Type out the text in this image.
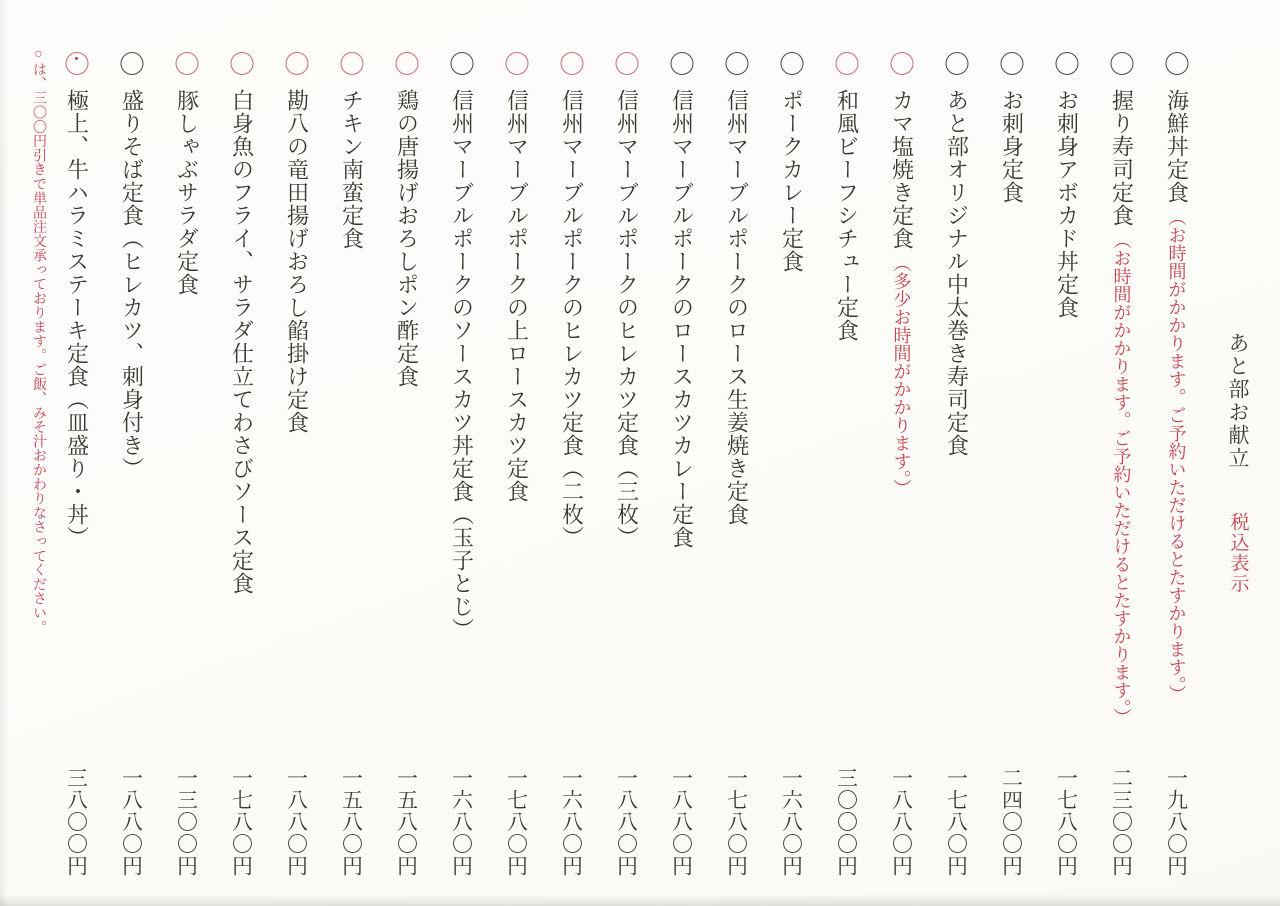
あと部お献立
税込表示
海鮮丼定食 （お時間がかかります。ご予約いただけるとたすかります。）
一九八〇円
握り寿司定食 （お時間がかかります。ご予約いただけるとたすかります。）
二三〇〇円
お刺身アボカド丼定食
一七八〇円
お刺身定食
二四〇〇円
あと部オリジナル中太巻き寿司定食
一七八〇円
カマ塩焼き定食 （多少お時間がかかります。）
一八八〇円
和風ビーフシチュー定食
三〇〇〇円
ポークカレー定食
一六八〇円
信州マーブルポークのロース生姜焼き定食
一七八〇円
信州マーブルポークのロースカツカレー定食
一八八〇円
信州マーブルポークのヒレカツ定食（三枚）
一八八〇円
信州マーブルポークのヒレカツ定食（二枚）
一六八〇円
信州マーブルポークの上ロースカツ定食
一七八〇円
信州マーブルポークのソースカツ丼定食（玉子とじ）
一六八〇円
鶏の唐揚げおろしポン酢定食
一五八〇円
チキン南蛮定食
一五八〇円
勘八の竜田揚げおろし餡掛け定食
一八八〇円
白身魚のフライ、サラダ仕立てわさびソース定食
一七八〇円
豚しゃぶサラダ定食
一三〇〇円
盛りそば定食（ヒレカツ、刺身付き）
一八八〇円
極上、牛ハラミステーキ定食（皿盛り・丼）
三八〇〇円
○は、三〇〇円引きで単品注文承っております。ご飯、みそ汁おかわりなさってください。
